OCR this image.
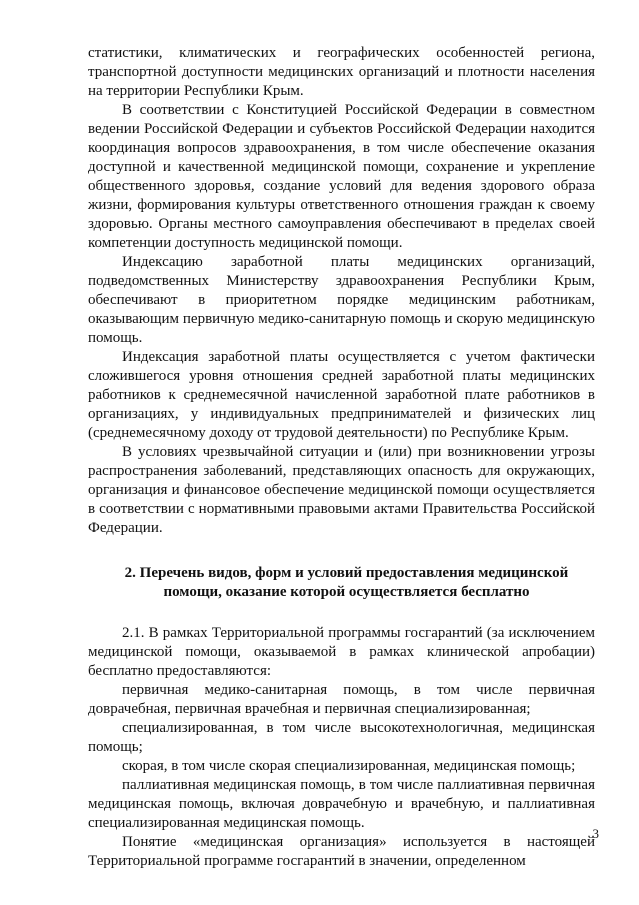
статистики, климатических и географических особенностей региона, транспортной доступности медицинских организаций и плотности населения на территории Республики Крым.

В соответствии с Конституцией Российской Федерации в совместном ведении Российской Федерации и субъектов Российской Федерации находится координация вопросов здравоохранения, в том числе обеспечение оказания доступной и качественной медицинской помощи, сохранение и укрепление общественного здоровья, создание условий для ведения здорового образа жизни, формирования культуры ответственного отношения граждан к своему здоровью. Органы местного самоуправления обеспечивают в пределах своей компетенции доступность медицинской помощи.

Индексацию заработной платы медицинских организаций, подведомственных Министерству здравоохранения Республики Крым, обеспечивают в приоритетном порядке медицинским работникам, оказывающим первичную медико-санитарную помощь и скорую медицинскую помощь.

Индексация заработной платы осуществляется с учетом фактически сложившегося уровня отношения средней заработной платы медицинских работников к среднемесячной начисленной заработной плате работников в организациях, у индивидуальных предпринимателей и физических лиц (среднемесячному доходу от трудовой деятельности) по Республике Крым.

В условиях чрезвычайной ситуации и (или) при возникновении угрозы распространения заболеваний, представляющих опасность для окружающих, организация и финансовое обеспечение медицинской помощи осуществляется в соответствии с нормативными правовыми актами Правительства Российской Федерации.

2. Перечень видов, форм и условий предоставления медицинской помощи, оказание которой осуществляется бесплатно

2.1. В рамках Территориальной программы госгарантий (за исключением медицинской помощи, оказываемой в рамках клинической апробации) бесплатно предоставляются:

первичная медико-санитарная помощь, в том числе первичная доврачебная, первичная врачебная и первичная специализированная;

специализированная, в том числе высокотехнологичная, медицинская помощь;

скорая, в том числе скорая специализированная, медицинская помощь;

паллиативная медицинская помощь, в том числе паллиативная первичная медицинская помощь, включая доврачебную и врачебную, и паллиативная специализированная медицинская помощь.

Понятие «медицинская организация» используется в настоящей Территориальной программе госгарантий в значении, определенном

3
